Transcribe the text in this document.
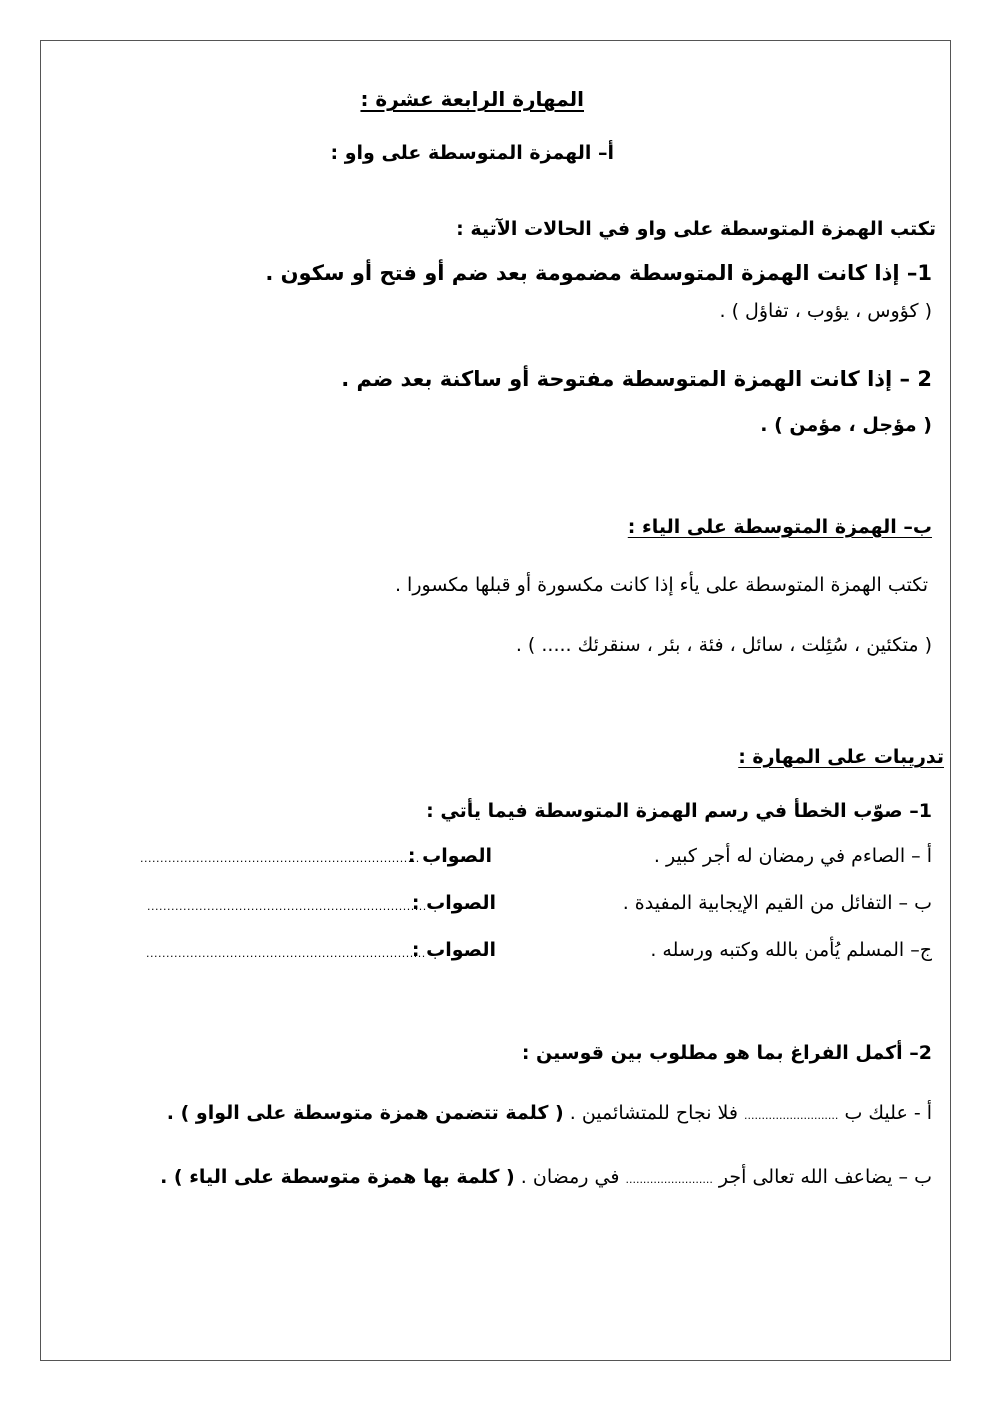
المهارة الرابعة عشرة :
أ– الهمزة المتوسطة على واو :
تكتب الهمزة المتوسطة على واو في الحالات الآتية :
1– إذا كانت الهمزة المتوسطة مضمومة بعد ضم أو فتح أو سكون .
( كؤوس ، يؤوب ، تفاؤل ) .
2 – إذا كانت الهمزة المتوسطة مفتوحة أو ساكنة بعد ضم .
( مؤجل ، مؤمن ) .
ب– الهمزة المتوسطة على الياء :
تكتب الهمزة المتوسطة على يأء إذا كانت مكسورة أو قبلها مكسورا .
( متكئين ، سُئِلت ، سائل ، فئة ، بئر ، سنقرئك ..... ) .
تدريبات على المهارة :
1– صوّب الخطأ في رسم الهمزة المتوسطة فيما يأتي :
أ – الصاءم في رمضان له أجر كبير .
الصواب :
......................................................................
ب – التفائل من القيم الإيجابية المفيدة .
الصواب :
......................................................................
ج– المسلم يُأمن بالله وكتبه ورسله .
الصواب :
......................................................................
2– أكمل الفراغ بما هو مطلوب بين قوسين :
أ - عليك ب ........................... فلا نجاح للمتشائمين . ( كلمة تتضمن همزة متوسطة على الواو ) .
ب – يضاعف الله تعالى أجر ......................... في رمضان . ( كلمة بها همزة متوسطة على الياء ) .
